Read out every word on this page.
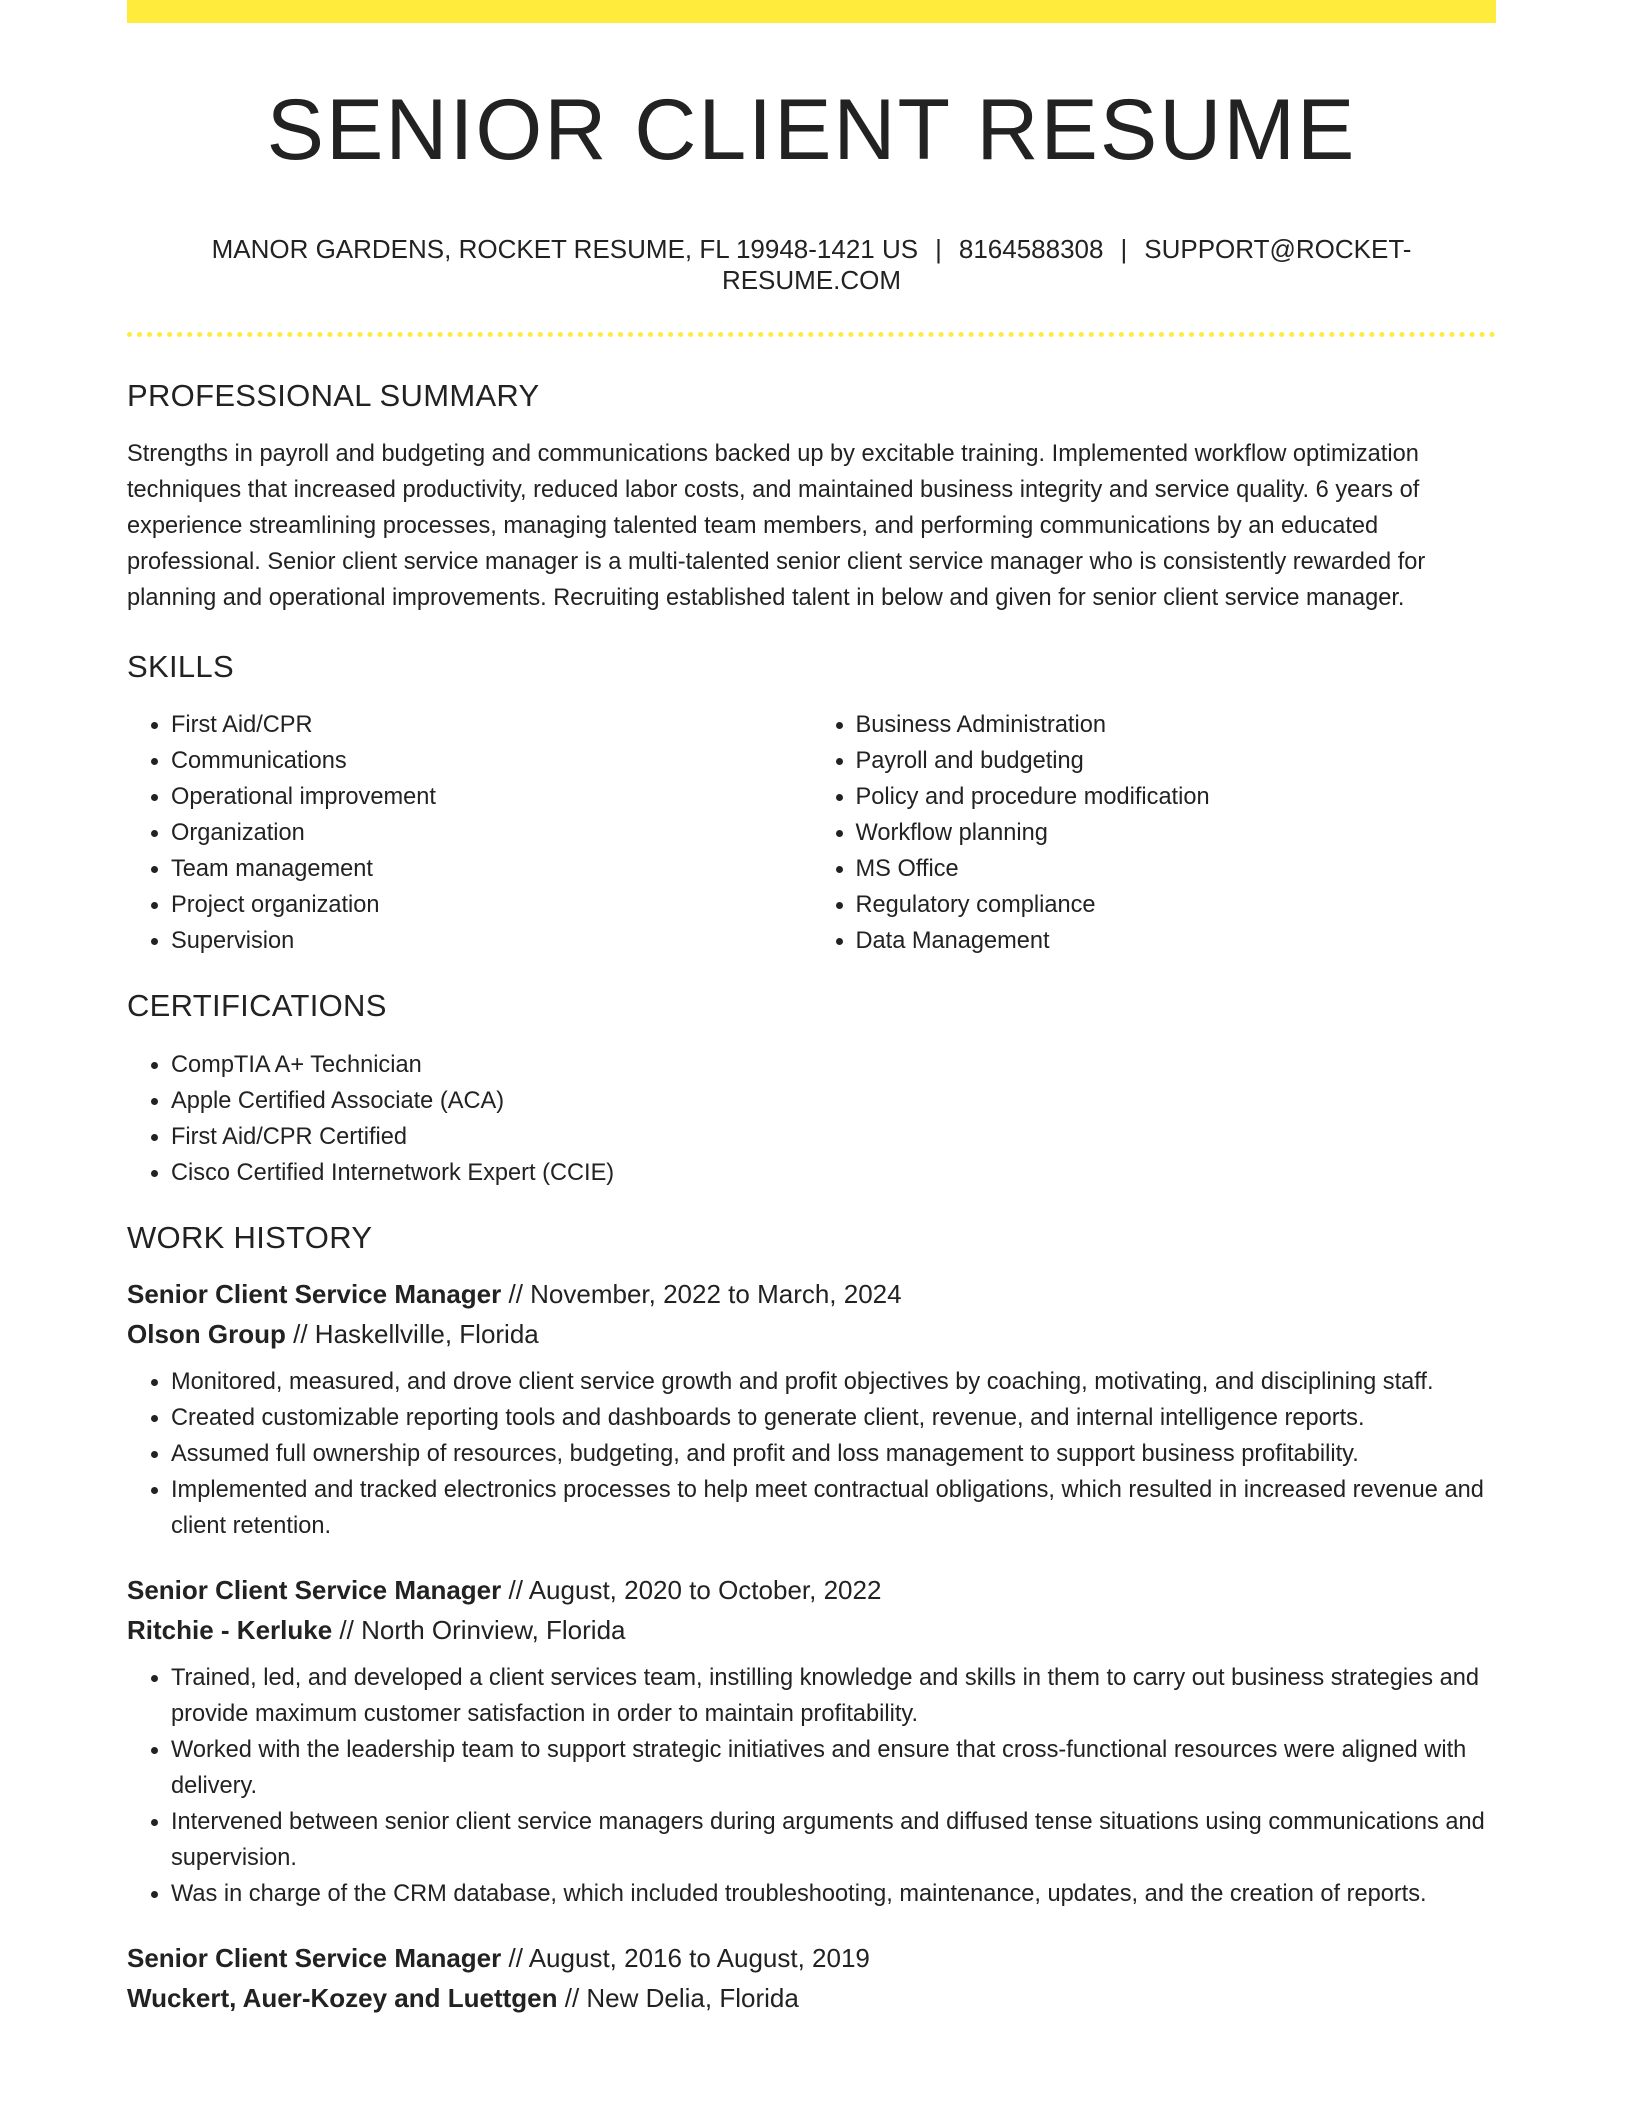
SENIOR CLIENT RESUME
MANOR GARDENS, ROCKET RESUME, FL 19948-1421 US | 8164588308 | SUPPORT@ROCKET-RESUME.COM
PROFESSIONAL SUMMARY

Strengths in payroll and budgeting and communications backed up by excitable training. Implemented workflow optimization techniques that increased productivity, reduced labor costs, and maintained business integrity and service quality. 6 years of experience streamlining processes, managing talented team members, and performing communications by an educated professional. Senior client service manager is a multi-talented senior client service manager who is consistently rewarded for planning and operational improvements. Recruiting established talent in below and given for senior client service manager.

SKILLS
• First Aid/CPR
• Communications
• Operational improvement
• Organization
• Team management
• Project organization
• Supervision
• Business Administration
• Payroll and budgeting
• Policy and procedure modification
• Workflow planning
• MS Office
• Regulatory compliance
• Data Management
CERTIFICATIONS
• CompTIA A+ Technician
• Apple Certified Associate (ACA)
• First Aid/CPR Certified
• Cisco Certified Internetwork Expert (CCIE)
WORK HISTORY
Senior Client Service Manager // November, 2022 to March, 2024
Olson Group // Haskellville, Florida
• Monitored, measured, and drove client service growth and profit objectives by coaching, motivating, and disciplining staff.
• Created customizable reporting tools and dashboards to generate client, revenue, and internal intelligence reports.
• Assumed full ownership of resources, budgeting, and profit and loss management to support business profitability.
• Implemented and tracked electronics processes to help meet contractual obligations, which resulted in increased revenue and client retention.
Senior Client Service Manager // August, 2020 to October, 2022
Ritchie - Kerluke // North Orinview, Florida
• Trained, led, and developed a client services team, instilling knowledge and skills in them to carry out business strategies and provide maximum customer satisfaction in order to maintain profitability.
• Worked with the leadership team to support strategic initiatives and ensure that cross-functional resources were aligned with delivery.
• Intervened between senior client service managers during arguments and diffused tense situations using communications and supervision.
• Was in charge of the CRM database, which included troubleshooting, maintenance, updates, and the creation of reports.
Senior Client Service Manager // August, 2016 to August, 2019
Wuckert, Auer-Kozey and Luettgen // New Delia, Florida
